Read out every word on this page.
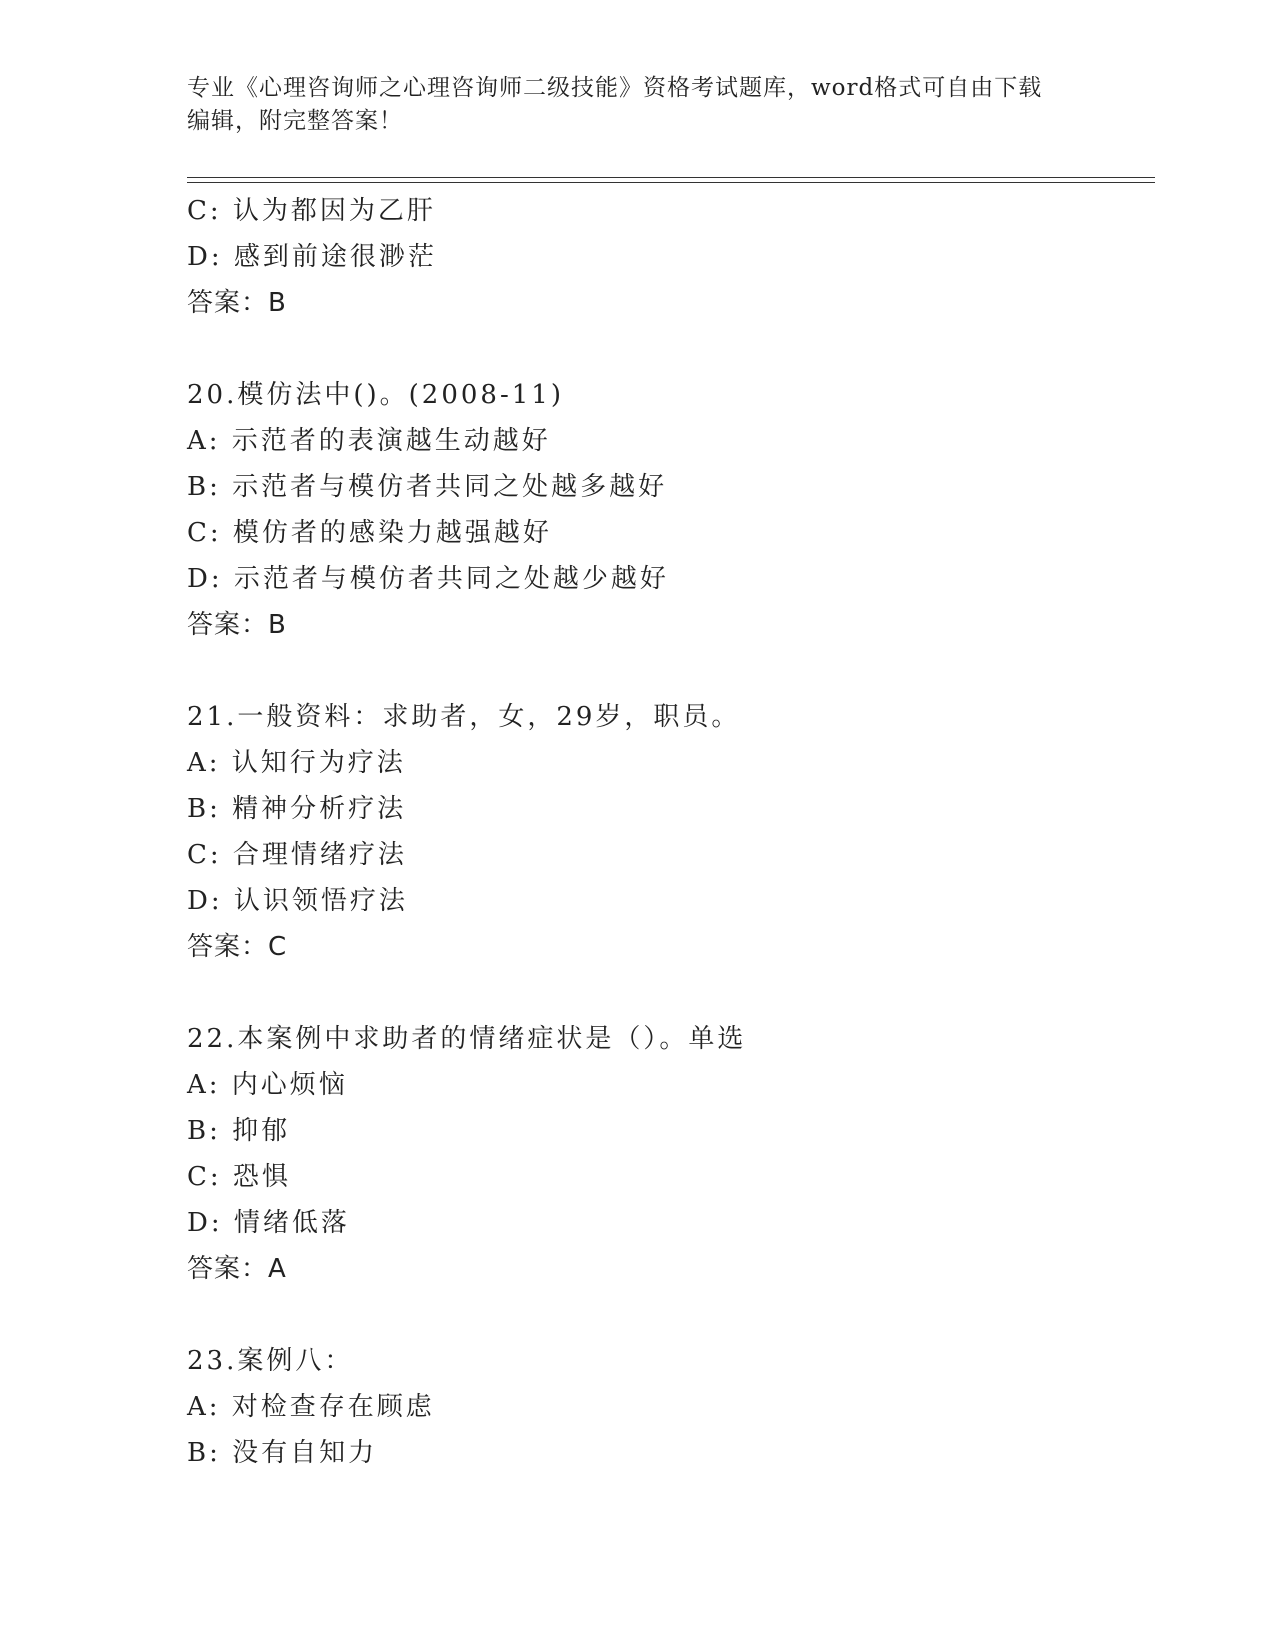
专业《心理咨询师之心理咨询师二级技能》资格考试题库，word格式可自由下载
编辑，附完整答案！
C: 认为都因为乙肝
D: 感到前途很渺茫
答案：B
20.模仿法中()。(2008-11)
A: 示范者的表演越生动越好
B: 示范者与模仿者共同之处越多越好
C: 模仿者的感染力越强越好
D: 示范者与模仿者共同之处越少越好
答案：B
21.一般资料：求助者，女，29岁，职员。
A: 认知行为疗法
B: 精神分析疗法
C: 合理情绪疗法
D: 认识领悟疗法
答案：C
22.本案例中求助者的情绪症状是（）。单选
A: 内心烦恼
B: 抑郁
C: 恐惧
D: 情绪低落
答案：A
23.案例八：
A: 对检查存在顾虑
B: 没有自知力
